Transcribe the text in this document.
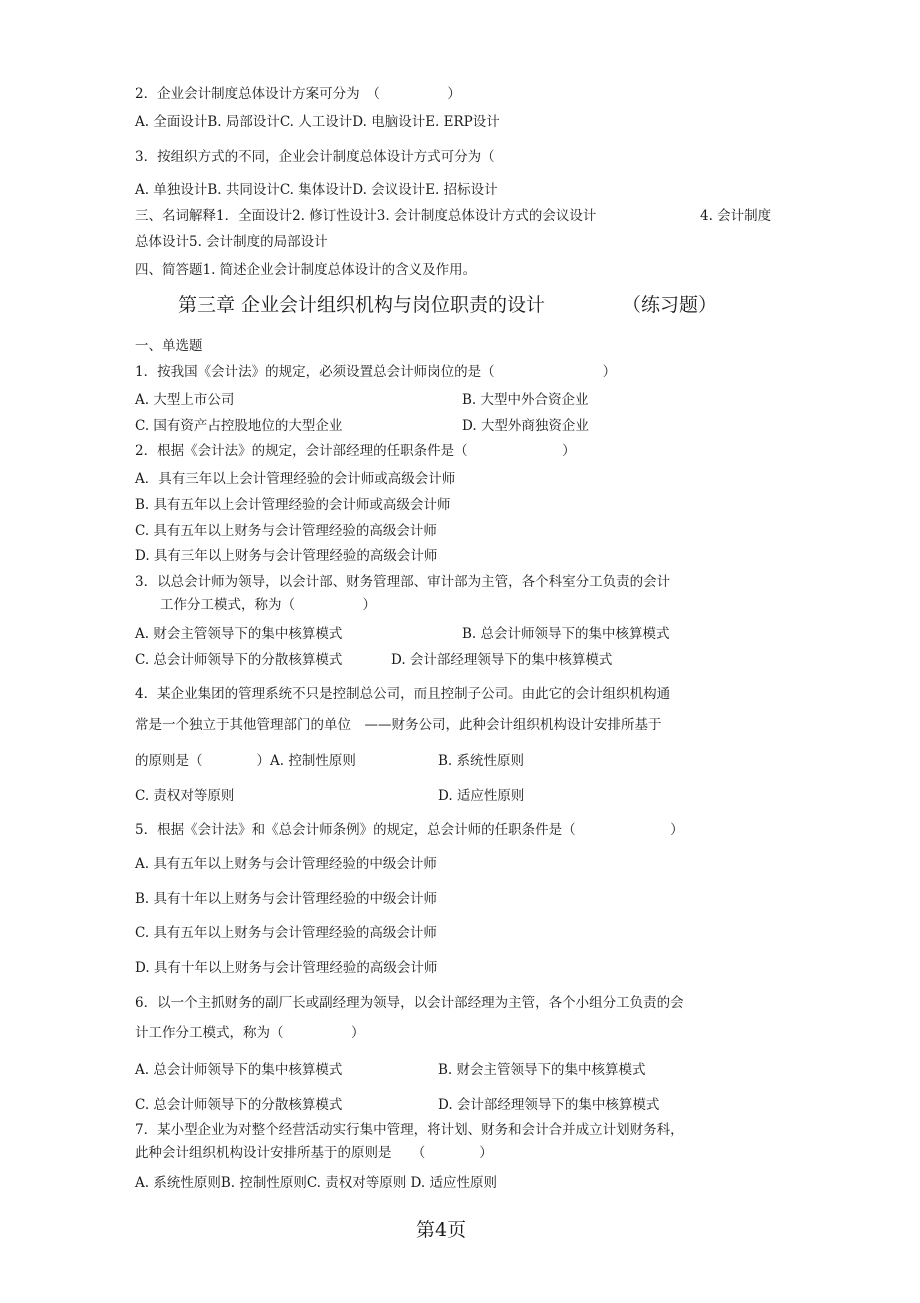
2．企业会计制度总体设计方案可分为　（　　　　　）
A. 全面设计B. 局部设计C. 人工设计D. 电脑设计E. ERP设计
3．按组织方式的不同，企业会计制度总体设计方式可分为（
A. 单独设计B. 共同设计C. 集体设计D. 会议设计E. 招标设计
三、名词解释1．全面设计2. 修订性设计3. 会计制度总体设计方式的会议设计	4. 会计制度
总体设计5. 会计制度的局部设计
四、简答题1. 简述企业会计制度总体设计的含义及作用。
第三章 企业会计组织机构与岗位职责的设计	（练习题）
一、单选题
1．按我国《会计法》的规定，必须设置总会计师岗位的是（　　　　　　　　）
A. 大型上市公司	B. 大型中外合资企业
C. 国有资产占控股地位的大型企业	D. 大型外商独资企业
2．根据《会计法》的规定，会计部经理的任职条件是（　　　　　　　）
A．具有三年以上会计管理经验的会计师或高级会计师
B. 具有五年以上会计管理经验的会计师或高级会计师
C. 具有五年以上财务与会计管理经验的高级会计师
D. 具有三年以上财务与会计管理经验的高级会计师
3．以总会计师为领导，以会计部、财务管理部、审计部为主管，各个科室分工负责的会计
工作分工模式，称为（　　　　　）
A. 财会主管领导下的集中核算模式	B. 总会计师领导下的集中核算模式
C. 总会计师领导下的分散核算模式	D. 会计部经理领导下的集中核算模式
4．某企业集团的管理系统不只是控制总公司，而且控制子公司。由此它的会计组织机构通
常是一个独立于其他管理部门的单位　——财务公司，此种会计组织机构设计安排所基于
的原则是（　　　　）A. 控制性原则	B. 系统性原则
C. 责权对等原则	D. 适应性原则
5．根据《会计法》和《总会计师条例》的规定，总会计师的任职条件是（　　　　　　　）
A. 具有五年以上财务与会计管理经验的中级会计师
B. 具有十年以上财务与会计管理经验的中级会计师
C. 具有五年以上财务与会计管理经验的高级会计师
D. 具有十年以上财务与会计管理经验的高级会计师
6．以一个主抓财务的副厂长或副经理为领导，以会计部经理为主管，各个小组分工负责的会
计工作分工模式，称为（　　　　　）
A. 总会计师领导下的集中核算模式	B. 财会主管领导下的集中核算模式
C. 总会计师领导下的分散核算模式	D. 会计部经理领导下的集中核算模式
7．某小型企业为对整个经营活动实行集中管理，将计划、财务和会计合并成立计划财务科，
此种会计组织机构设计安排所基于的原则是　　（　　　　）
A. 系统性原则B. 控制性原则C. 责权对等原则 D. 适应性原则
第4页
